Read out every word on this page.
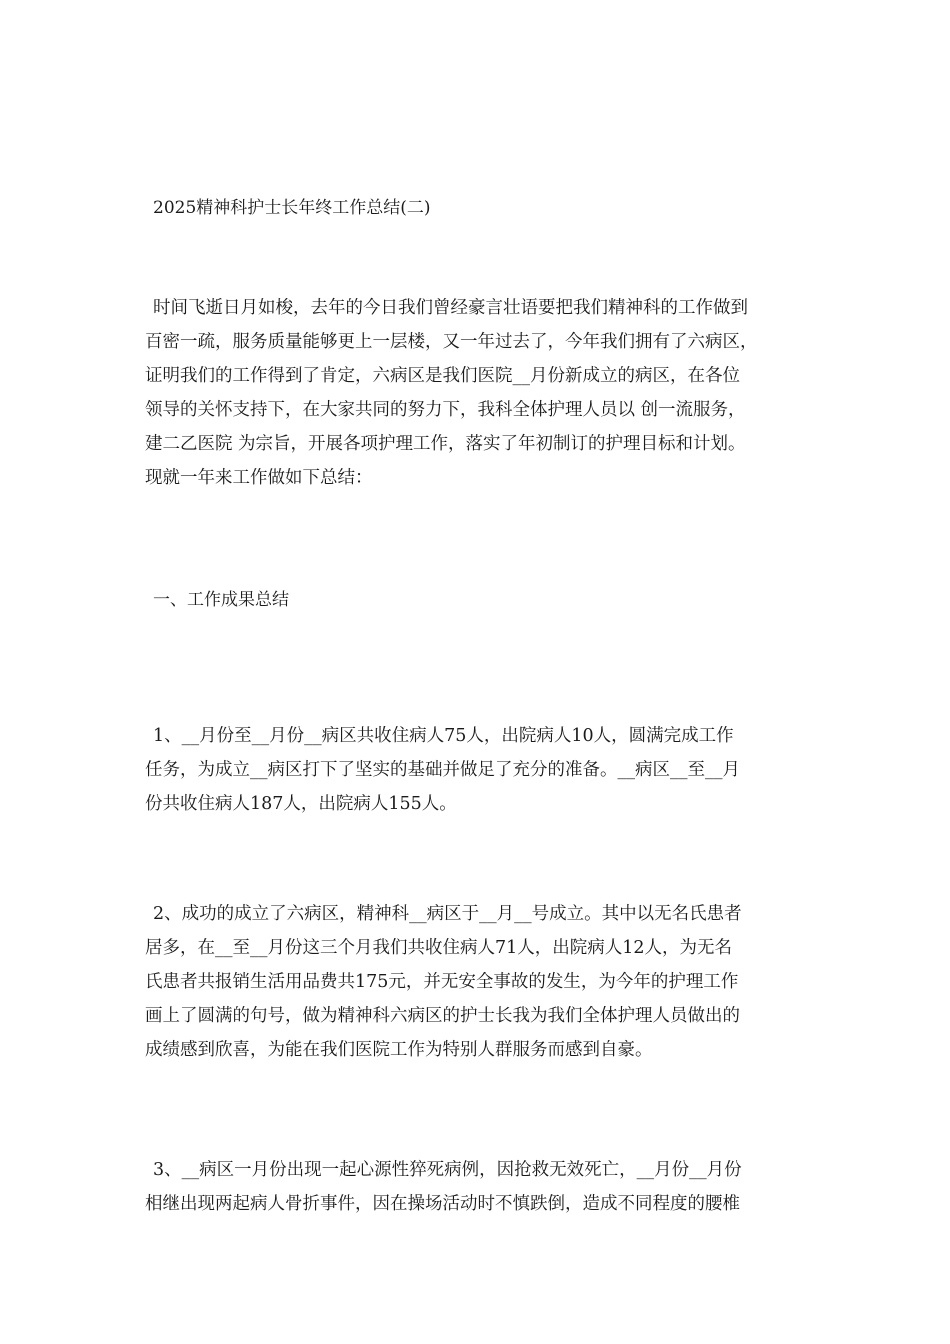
2025精神科护士长年终工作总结(二)
时间飞逝日月如梭，去年的今日我们曾经豪言壮语要把我们精神科的工作做到
百密一疏，服务质量能够更上一层楼，又一年过去了，今年我们拥有了六病区，
证明我们的工作得到了肯定，六病区是我们医院__月份新成立的病区，在各位
领导的关怀支持下，在大家共同的努力下，我科全体护理人员以 创一流服务，
建二乙医院 为宗旨，开展各项护理工作，落实了年初制订的护理目标和计划。
现就一年来工作做如下总结：
一、工作成果总结
1、__月份至__月份__病区共收住病人75人，出院病人10人，圆满完成工作
任务，为成立__病区打下了坚实的基础并做足了充分的准备。__病区__至__月
份共收住病人187人，出院病人155人。
2、成功的成立了六病区，精神科__病区于__月__号成立。其中以无名氏患者
居多，在__至__月份这三个月我们共收住病人71人，出院病人12人，为无名
氏患者共报销生活用品费共175元，并无安全事故的发生，为今年的护理工作
画上了圆满的句号，做为精神科六病区的护士长我为我们全体护理人员做出的
成绩感到欣喜，为能在我们医院工作为特别人群服务而感到自豪。
3、__病区一月份出现一起心源性猝死病例，因抢救无效死亡，__月份__月份
相继出现两起病人骨折事件，因在操场活动时不慎跌倒，造成不同程度的腰椎
